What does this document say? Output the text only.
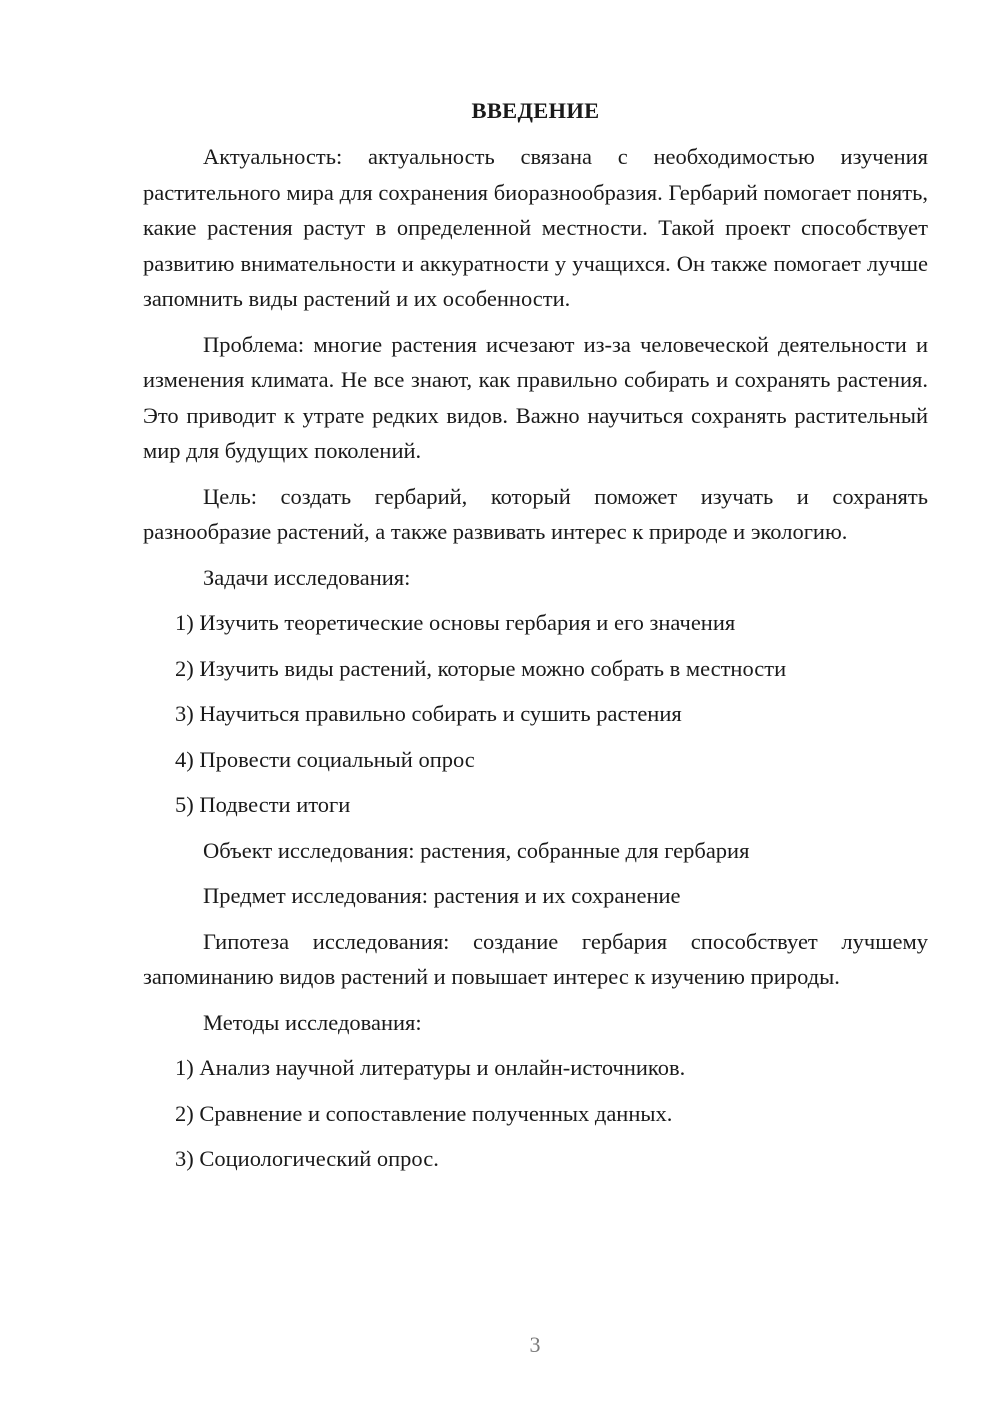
ВВЕДЕНИЕ

Актуальность: актуальность связана с необходимостью изучения растительного мира для сохранения биоразнообразия. Гербарий помогает понять, какие растения растут в определенной местности. Такой проект способствует развитию внимательности и аккуратности у учащихся. Он также помогает лучше запомнить виды растений и их особенности.

Проблема: многие растения исчезают из-за человеческой деятельности и изменения климата. Не все знают, как правильно собирать и сохранять растения. Это приводит к утрате редких видов. Важно научиться сохранять растительный мир для будущих поколений.

Цель: создать гербарий, который поможет изучать и сохранять разнообразие растений, а также развивать интерес к природе и экологию.

Задачи исследования:
1) Изучить теоретические основы гербария и его значения
2) Изучить виды растений, которые можно собрать в местности
3) Научиться правильно собирать и сушить растения
4) Провести социальный опрос
5) Подвести итоги
Объект исследования: растения, собранные для гербария
Предмет исследования: растения и их сохранение

Гипотеза исследования: создание гербария способствует лучшему запоминанию видов растений и повышает интерес к изучению природы.

Методы исследования:
1) Анализ научной литературы и онлайн-источников.
2) Сравнение и сопоставление полученных данных.
3) Социологический опрос.
3
